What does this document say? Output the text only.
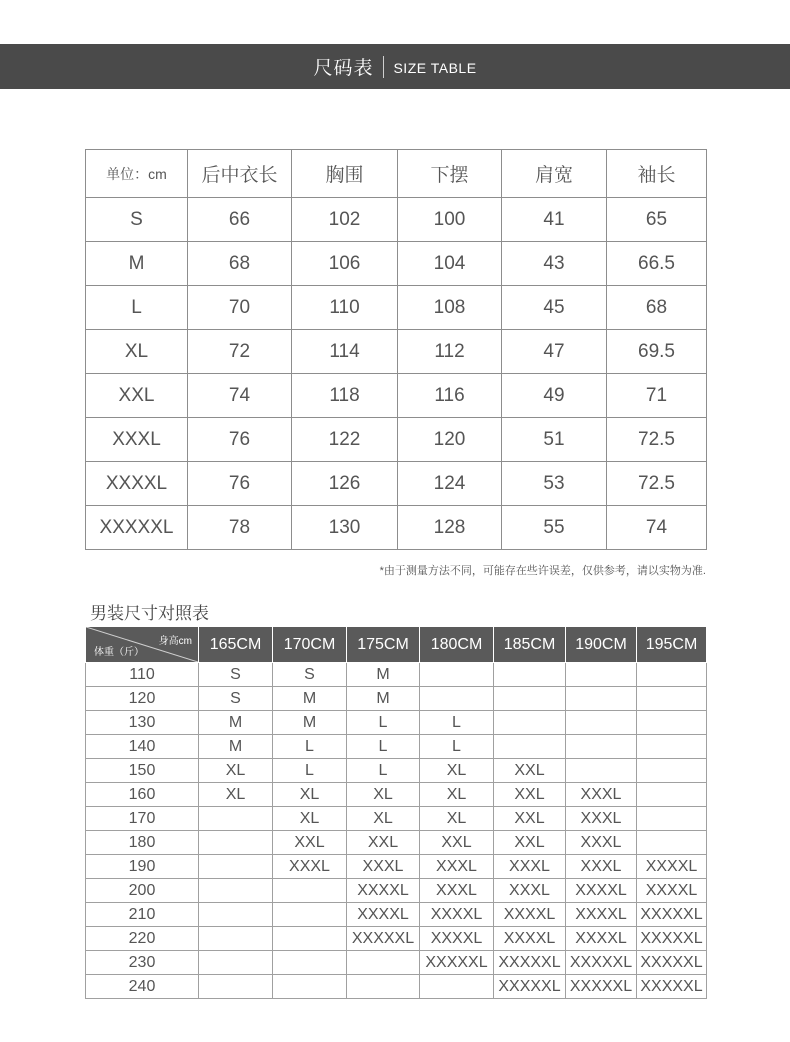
尺码表 SIZE TABLE
单位：cm	后中衣长	胸围	下摆	肩宽	袖长
S	66	102	100	41	65
M	68	106	104	43	66.5
L	70	110	108	45	68
XL	72	114	112	47	69.5
XXL	74	118	116	49	71
XXXL	76	122	120	51	72.5
XXXXL	76	126	124	53	72.5
XXXXXL	78	130	128	55	74
*由于测量方法不同，可能存在些许误差，仅供参考，请以实物为准.
男装尺寸对照表
身高cm
体重（斤）	165CM	170CM	175CM	180CM	185CM	190CM	195CM
110	S	S	M				
120	S	M	M				
130	M	M	L	L			
140	M	L	L	L			
150	XL	L	L	XL	XXL		
160	XL	XL	XL	XL	XXL	XXXL	
170		XL	XL	XL	XXL	XXXL	
180		XXL	XXL	XXL	XXL	XXXL	
190		XXXL	XXXL	XXXL	XXXL	XXXL	XXXXL
200			XXXXL	XXXL	XXXL	XXXXL	XXXXL
210			XXXXL	XXXXL	XXXXL	XXXXL	XXXXXL
220			XXXXXL	XXXXL	XXXXL	XXXXL	XXXXXL
230				XXXXXL	XXXXXL	XXXXXL	XXXXXL
240					XXXXXL	XXXXXL	XXXXXL
